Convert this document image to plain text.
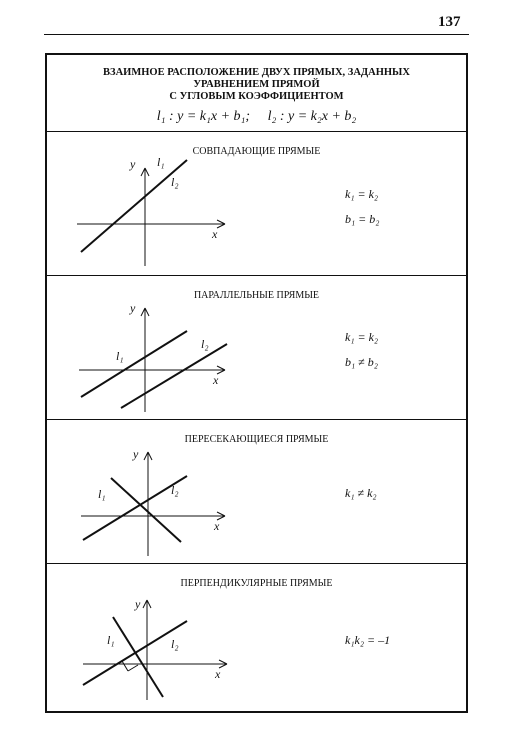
137
ВЗАИМНОЕ РАСПОЛОЖЕНИЕ ДВУХ ПРЯМЫХ, ЗАДАННЫХ УРАВНЕНИЕМ ПРЯМОЙ
С УГЛОВЫМ КОЭФФИЦИЕНТОМ
l₁ : y = k₁x + b₁; l₂ : y = k₂x + b₂
СОВПАДАЮЩИЕ ПРЯМЫЕ
y
x
l₁
l₂
k₁ = k₂
b₁ = b₂
ПАРАЛЛЕЛЬНЫЕ ПРЯМЫЕ
y
x
l₁
l₂	k₁ = k₂
b₁ ≠ b₂
ПЕРЕСЕКАЮЩИЕСЯ ПРЯМЫЕ
y
x
l₁	l₂	k₁ ≠ k₂
ПЕРПЕНДИКУЛЯРНЫЕ ПРЯМЫЕ
y
x
l₁	l₂	k₁k₂ = –1
